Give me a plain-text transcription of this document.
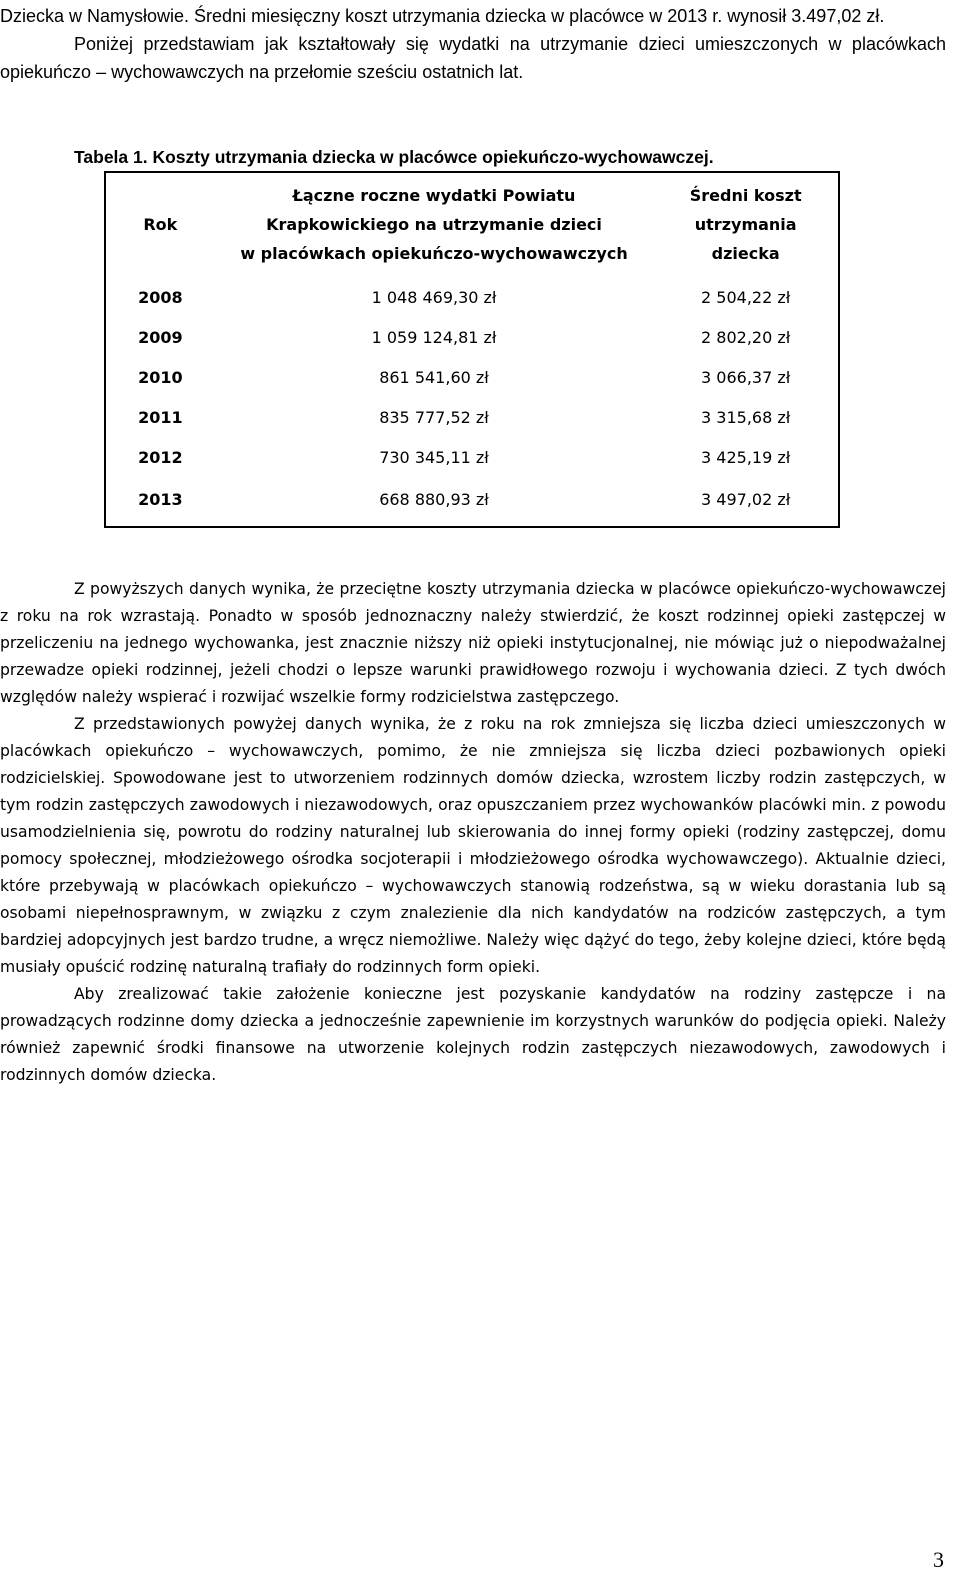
Dziecka w Namysłowie. Średni miesięczny koszt utrzymania dziecka w placówce w 2013 r. wynosił 3.497,02 zł.

Poniżej przedstawiam jak kształtowały się wydatki na utrzymanie dzieci umieszczonych w placówkach opiekuńczo – wychowawczych na przełomie sześciu ostatnich lat.

Tabela 1. Koszty utrzymania dziecka w placówce opiekuńczo-wychowawczej.
Rok	Łączne roczne wydatki Powiatu
Krapkowickiego na utrzymanie dzieci
w placówkach opiekuńczo-wychowawczych	Średni koszt
utrzymania
dziecka
2008	1 048 469,30 zł	2 504,22 zł
2009	1 059 124,81 zł	2 802,20 zł
2010	861 541,60 zł	3 066,37 zł
2011	835 777,52 zł	3 315,68 zł
2012	730 345,11 zł	3 425,19 zł
2013	668 880,93 zł	3 497,02 zł

Z powyższych danych wynika, że przeciętne koszty utrzymania dziecka w placówce opiekuńczo-wychowawczej z roku na rok wzrastają. Ponadto w sposób jednoznaczny należy stwierdzić, że koszt rodzinnej opieki zastępczej w przeliczeniu na jednego wychowanka, jest znacznie niższy niż opieki instytucjonalnej, nie mówiąc już o niepodważalnej przewadze opieki rodzinnej, jeżeli chodzi o lepsze warunki prawidłowego rozwoju i wychowania dzieci. Z tych dwóch względów należy wspierać i rozwijać wszelkie formy rodzicielstwa zastępczego.

Z przedstawionych powyżej danych wynika, że z roku na rok zmniejsza się liczba dzieci umieszczonych w placówkach opiekuńczo – wychowawczych, pomimo, że nie zmniejsza się liczba dzieci pozbawionych opieki rodzicielskiej. Spowodowane jest to utworzeniem rodzinnych domów dziecka, wzrostem liczby rodzin zastępczych, w tym rodzin zastępczych zawodowych i niezawodowych, oraz opuszczaniem przez wychowanków placówki min. z powodu usamodzielnienia się, powrotu do rodziny naturalnej lub skierowania do innej formy opieki (rodziny zastępczej, domu pomocy społecznej, młodzieżowego ośrodka socjoterapii i młodzieżowego ośrodka wychowawczego). Aktualnie dzieci, które przebywają w placówkach opiekuńczo – wychowawczych stanowią rodzeństwa, są w wieku dorastania lub są osobami niepełnosprawnym, w związku z czym znalezienie dla nich kandydatów na rodziców zastępczych, a tym bardziej adopcyjnych jest bardzo trudne, a wręcz niemożliwe. Należy więc dążyć do tego, żeby kolejne dzieci, które będą musiały opuścić rodzinę naturalną trafiały do rodzinnych form opieki.

Aby zrealizować takie założenie konieczne jest pozyskanie kandydatów na rodziny zastępcze i na prowadzących rodzinne domy dziecka a jednocześnie zapewnienie im korzystnych warunków do podjęcia opieki. Należy również zapewnić środki finansowe na utworzenie kolejnych rodzin zastępczych niezawodowych, zawodowych i rodzinnych domów dziecka.

3
